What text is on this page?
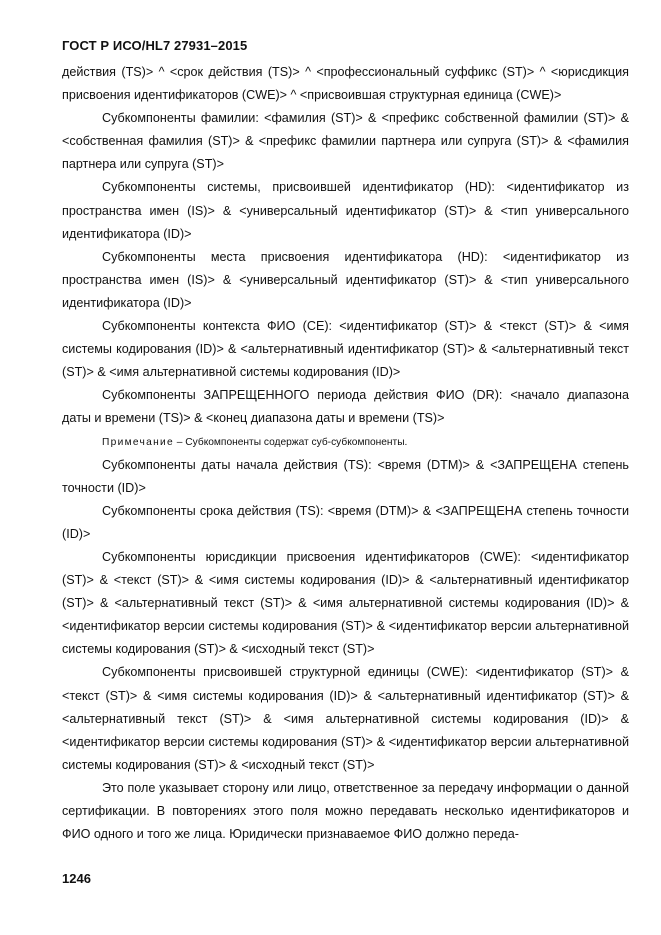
ГОСТ Р ИСО/HL7 27931–2015

действия (TS)> ^ <срок действия (TS)> ^ <профессиональный суффикс (ST)> ^ <юрисдикция присвоения идентификаторов (CWE)> ^ <присвоившая структурная единица (CWE)>

Субкомпоненты фамилии: <фамилия (ST)> & <префикс собственной фамилии (ST)> & <собственная фамилия (ST)> & <префикс фамилии партнера или супруга (ST)> & <фамилия партнера или супруга (ST)>

Субкомпоненты системы, присвоившей идентификатор (HD): <идентификатор из пространства имен (IS)> & <универсальный идентификатор (ST)> & <тип универсального идентификатора (ID)>

Субкомпоненты места присвоения идентификатора (HD): <идентификатор из пространства имен (IS)> & <универсальный идентификатор (ST)> & <тип универсального идентификатора (ID)>

Субкомпоненты контекста ФИО (CE): <идентификатор (ST)> & <текст (ST)> & <имя системы кодирования (ID)> & <альтернативный идентификатор (ST)> & <альтернативный текст (ST)> & <имя альтернативной системы кодирования (ID)>

Субкомпоненты ЗАПРЕЩЕННОГО периода действия ФИО (DR): <начало диапазона даты и времени (TS)> & <конец диапазона даты и времени (TS)>

Примечание – Субкомпоненты содержат суб-субкомпоненты.

Субкомпоненты даты начала действия (TS): <время (DTM)> & <ЗАПРЕЩЕНА степень точности (ID)>

Субкомпоненты срока действия (TS): <время (DTM)> & <ЗАПРЕЩЕНА степень точности (ID)>

Субкомпоненты юрисдикции присвоения идентификаторов (CWE): <идентификатор (ST)> & <текст (ST)> & <имя системы кодирования (ID)> & <альтернативный идентификатор (ST)> & <альтернативный текст (ST)> & <имя альтернативной системы кодирования (ID)> & <идентификатор версии системы кодирования (ST)> & <идентификатор версии альтернативной системы кодирования (ST)> & <исходный текст (ST)>

Субкомпоненты присвоившей структурной единицы (CWE): <идентификатор (ST)> & <текст (ST)> & <имя системы кодирования (ID)> & <альтернативный идентификатор (ST)> & <альтернативный текст (ST)> & <имя альтернативной системы кодирования (ID)> & <идентификатор версии системы кодирования (ST)> & <идентификатор версии альтернативной системы кодирования (ST)> & <исходный текст (ST)>

Это поле указывает сторону или лицо, ответственное за передачу информации о данной сертификации. В повторениях этого поля можно передавать несколько идентификаторов и ФИО одного и того же лица. Юридически признаваемое ФИО должно переда-

1246
